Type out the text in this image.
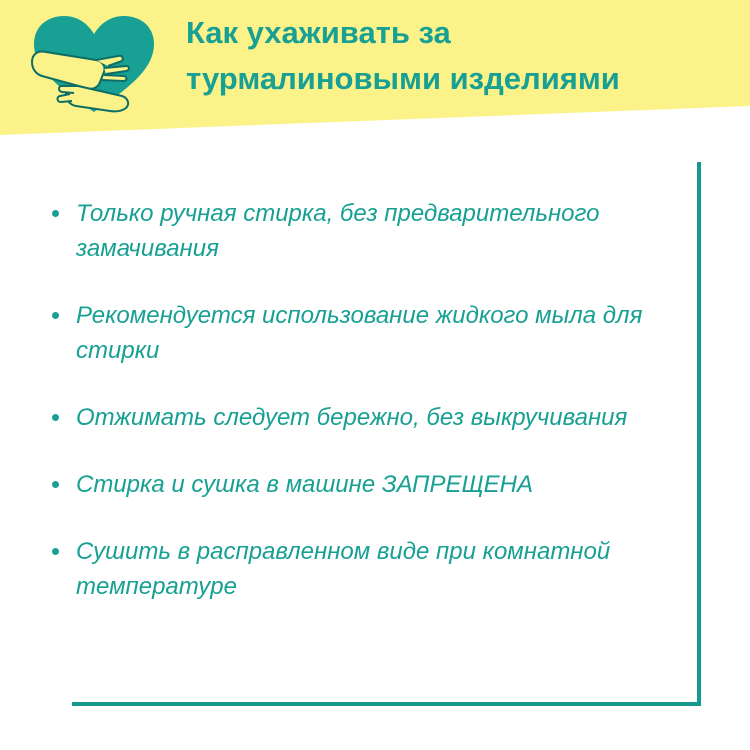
Как ухаживать за
турмалиновыми изделиями
Только ручная стирка, без предварительного замачивания
Рекомендуется использование жидкого мыла для стирки
Отжимать следует бережно, без выкручивания
Стирка и сушка в машине ЗАПРЕЩЕНА
Сушить в расправленном виде при комнатной температуре
